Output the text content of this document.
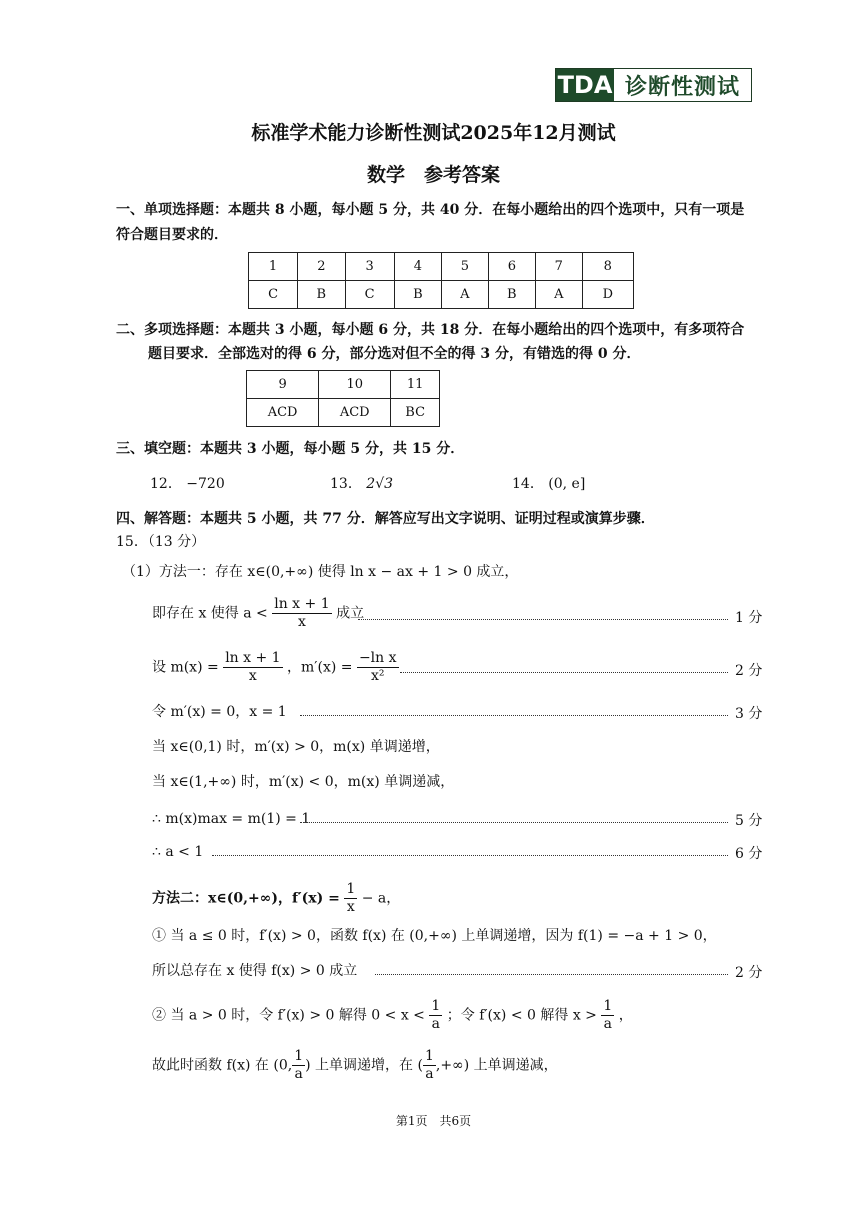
TDA 诊断性测试
标准学术能力诊断性测试2025年12月测试
数学　参考答案
一、单项选择题：本题共 8 小题，每小题 5 分，共 40 分．在每小题给出的四个选项中，只有一项是
符合题目要求的．
1	2	3	4	5	6	7	8
C	B	C	B	A	B	A	D
二、多项选择题：本题共 3 小题，每小题 6 分，共 18 分．在每小题给出的四个选项中，有多项符合
题目要求．全部选对的得 6 分，部分选对但不全的得 3 分，有错选的得 0 分．
9	10	11
ACD	ACD	BC
三、填空题：本题共 3 小题，每小题 5 分，共 15 分．
12． −720	13． 2√3	14． (0, e]
四、解答题：本题共 5 小题，共 77 分．解答应写出文字说明、证明过程或演算步骤．
15．（13 分）
（1）方法一：存在 x∈(0,+∞) 使得 ln x − ax + 1 > 0 成立，
即存在 x 使得 $a < \frac{\text{ln x + 1}}{x}$ 成立	1 分
设 $m(x) = \frac{\text{ln x + 1}}{x}$ ，$m'(x) = \frac{\text{−ln x}}{\text{x²}}$	2 分
令 m′(x) = 0，x = 1	3 分
当 x∈(0,1) 时，m′(x) > 0，m(x) 单调递增，
当 x∈(1,+∞) 时，m′(x) < 0，m(x) 单调递减，
∴ m(x)max = m(1) = 1	5 分
∴ a < 1	6 分
方法二：x∈(0,+∞)，$f'(x) = \frac{1}{x} - a$，
① 当 a ≤ 0 时，f′(x) > 0，函数 f(x) 在 (0,+∞) 上单调递增，因为 f(1) = −a + 1 > 0，
所以总存在 x 使得 f(x) > 0 成立	2 分
② 当 a > 0 时，令 f′(x) > 0 解得 $0 < x < \frac{1}{a}$ ；令 f′(x) < 0 解得 $x > \frac{1}{a}$ ，
故此时函数 f(x) 在 (0, $\frac{1}{a}$ ) 上单调递增，在 ( $\frac{1}{a}$ ,+∞) 上单调递减，
第1页　共6页
